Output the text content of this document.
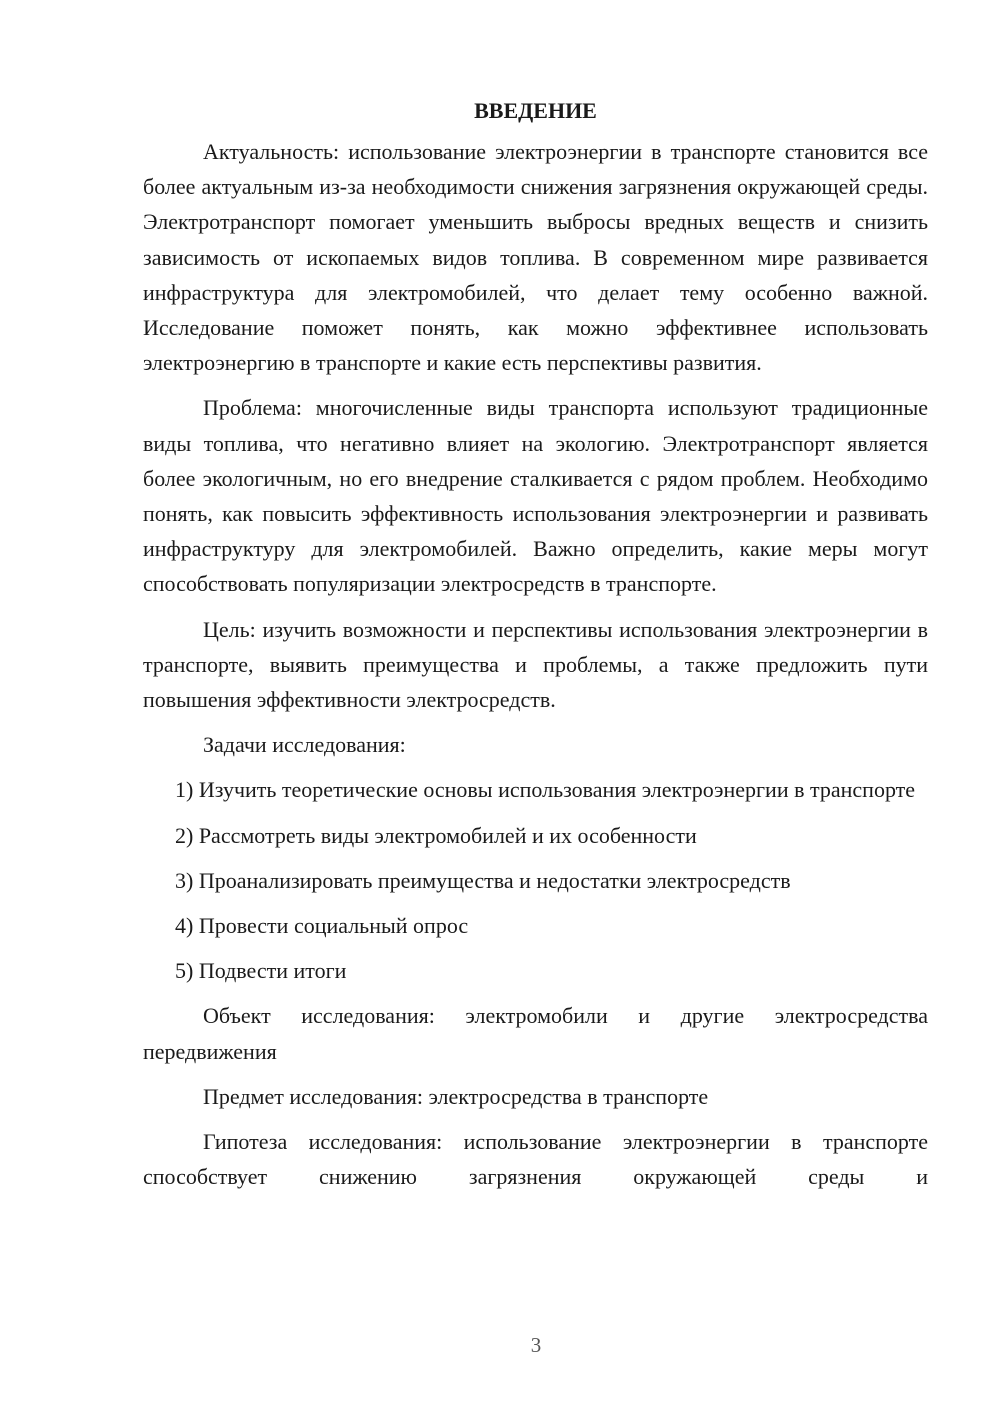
ВВЕДЕНИЕ

Актуальность: использование электроэнергии в транспорте становится все более актуальным из-за необходимости снижения загрязнения окружающей среды. Электротранспорт помогает уменьшить выбросы вредных веществ и снизить зависимость от ископаемых видов топлива. В современном мире развивается инфраструктура для электромобилей, что делает тему особенно важной. Исследование поможет понять, как можно эффективнее использовать электроэнергию в транспорте и какие есть перспективы развития.

Проблема: многочисленные виды транспорта используют традиционные виды топлива, что негативно влияет на экологию. Электротранспорт является более экологичным, но его внедрение сталкивается с рядом проблем. Необходимо понять, как повысить эффективность использования электроэнергии и развивать инфраструктуру для электромобилей. Важно определить, какие меры могут способствовать популяризации электросредств в транспорте.

Цель: изучить возможности и перспективы использования электроэнергии в транспорте, выявить преимущества и проблемы, а также предложить пути повышения эффективности электросредств.

Задачи исследования:

1) Изучить теоретические основы использования электроэнергии в транспорте

2) Рассмотреть виды электромобилей и их особенности

3) Проанализировать преимущества и недостатки электросредств

4) Провести социальный опрос

5) Подвести итоги

Объект исследования: электромобили и другие электросредства передвижения

Предмет исследования: электросредства в транспорте

Гипотеза исследования: использование электроэнергии в транспорте способствует снижению загрязнения окружающей среды и

3
